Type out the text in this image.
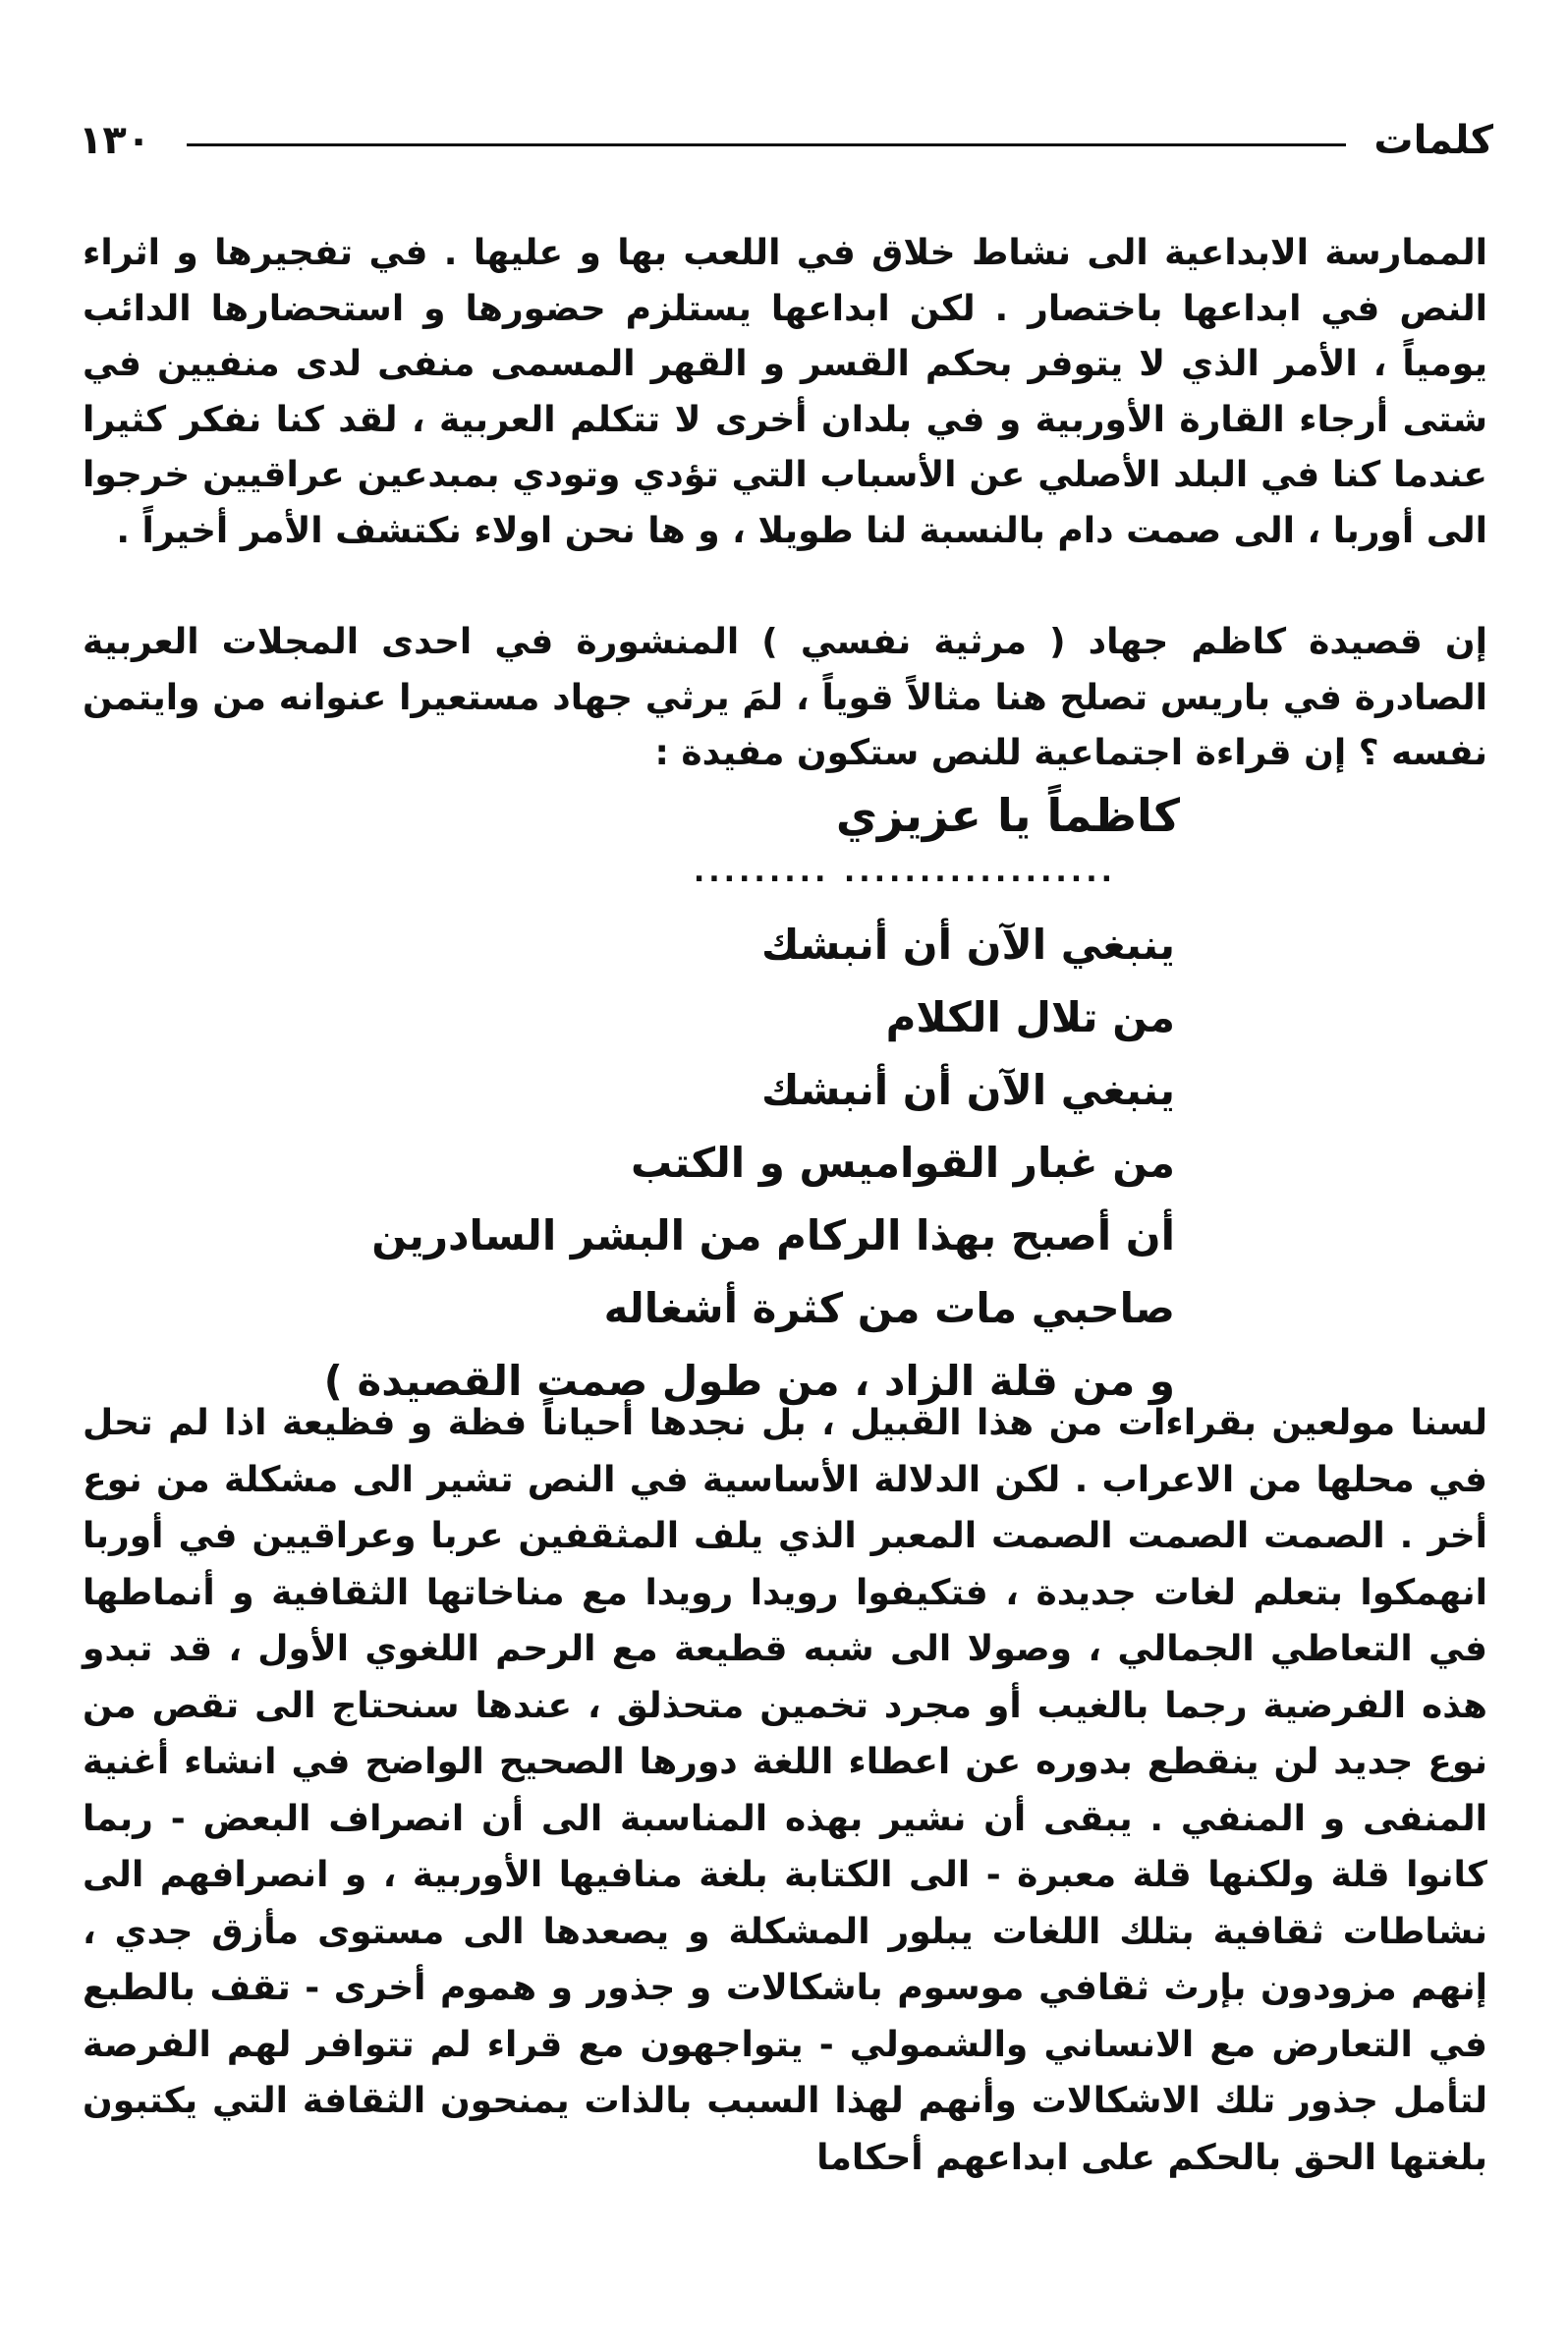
كلمات
١٣٠

الممارسة الابداعية الى نشاط خلاق في اللعب بها و عليها . في تفجيرها و اثراء النص في ابداعها باختصار . لكن ابداعها يستلزم حضورها و استحضارها الدائب يومياً ، الأمر الذي لا يتوفر بحكم القسر و القهر المسمى منفى لدى منفيين في شتى أرجاء القارة الأوربية و في بلدان أخرى لا تتكلم العربية ، لقد كنا نفكر كثيرا عندما كنا في البلد الأصلي عن الأسباب التي تؤدي وتودي بمبدعين عراقيين خرجوا الى أوربا ، الى صمت دام بالنسبة لنا طويلا ، و ها نحن اولاء نكتشف الأمر أخيراً .

إن قصيدة كاظم جهاد ( مرثية نفسي ) المنشورة في احدى المجلات العربية الصادرة في باريس تصلح هنا مثالاً قوياً ، لمَ يرثي جهاد مستعيرا عنوانه من وايتمن نفسه ؟ إن قراءة اجتماعية للنص ستكون مفيدة :

كاظماً يا عزيزي
......... ..................
ينبغي الآن أن أنبشك
من تلال الكلام
ينبغي الآن أن أنبشك
من غبار القواميس و الكتب
أن أصبح بهذا الركام من البشر السادرين
صاحبي مات من كثرة أشغاله
و من قلة الزاد ، من طول صمت القصيدة )

لسنا مولعين بقراءات من هذا القبيل ، بل نجدها أحياناً فظة و فظيعة اذا لم تحل في محلها من الاعراب . لكن الدلالة الأساسية في النص تشير الى مشكلة من نوع أخر . الصمت الصمت الصمت المعبر الذي يلف المثقفين عربا وعراقيين في أوربا انهمكوا بتعلم لغات جديدة ، فتكيفوا رويدا رويدا مع مناخاتها الثقافية و أنماطها في التعاطي الجمالي ، وصولا الى شبه قطيعة مع الرحم اللغوي الأول ، قد تبدو هذه الفرضية رجما بالغيب أو مجرد تخمين متحذلق ، عندها سنحتاج الى تقص من نوع جديد لن ينقطع بدوره عن اعطاء اللغة دورها الصحيح الواضح في انشاء أغنية المنفى و المنفي . يبقى أن نشير بهذه المناسبة الى أن انصراف البعض - ربما كانوا قلة ولكنها قلة معبرة - الى الكتابة بلغة منافيها الأوربية ، و انصرافهم الى نشاطات ثقافية بتلك اللغات يبلور المشكلة و يصعدها الى مستوى مأزق جدي ، إنهم مزودون بإرث ثقافي موسوم باشكالات و جذور و هموم أخرى - تقف بالطبع في التعارض مع الانساني والشمولي - يتواجهون مع قراء لم تتوافر لهم الفرصة لتأمل جذور تلك الاشكالات وأنهم لهذا السبب بالذات يمنحون الثقافة التي يكتبون بلغتها الحق بالحكم على ابداعهم أحكاما
